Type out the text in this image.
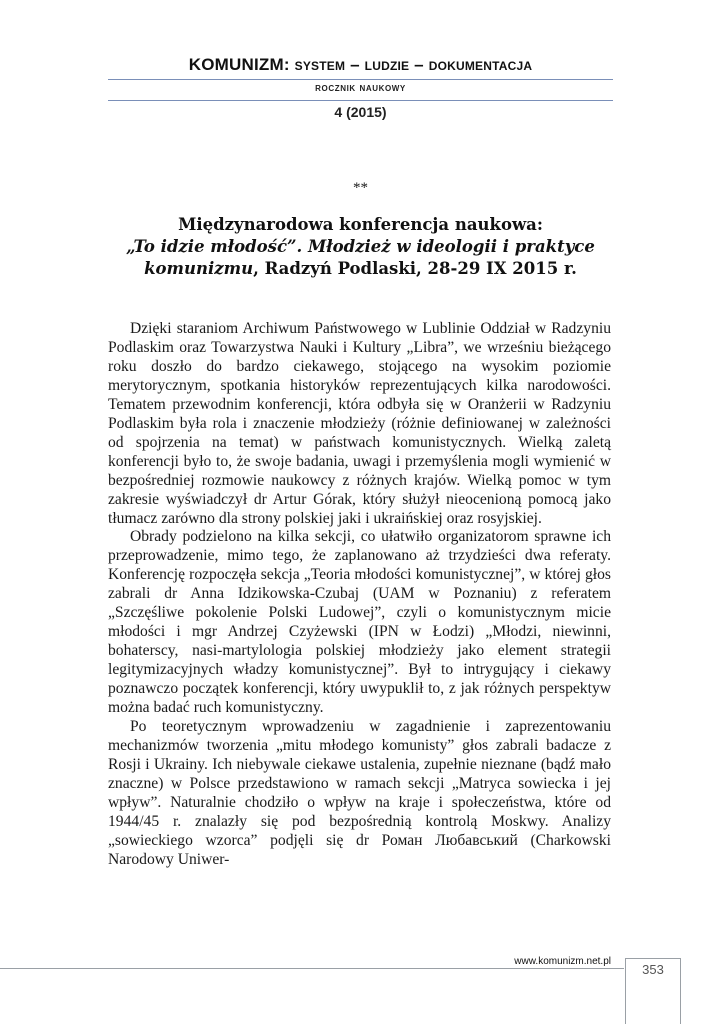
KOMUNIZM: system – ludzie – dokumentacja
rocznik naukowy
4 (2015)
**
Międzynarodowa konferencja naukowa:
„To idzie młodość”. Młodzież w ideologii i praktyce
komunizmu, Radzyń Podlaski, 28-29 IX 2015 r.

Dzięki staraniom Archiwum Państwowego w Lublinie Oddział w Radzyniu Podlaskim oraz Towarzystwa Nauki i Kultury „Libra”, we wrześniu bieżącego roku doszło do bardzo ciekawego, stojącego na wysokim poziomie merytorycznym, spotkania historyków reprezentujących kilka narodowości. Tematem przewodnim konferencji, która odbyła się w Oranżerii w Radzyniu Podlaskim była rola i znaczenie młodzieży (różnie definiowanej w zależności od spojrzenia na temat) w państwach komunistycznych. Wielką zaletą konferencji było to, że swoje badania, uwagi i przemyślenia mogli wymienić w bezpośredniej rozmowie naukowcy z różnych krajów. Wielką pomoc w tym zakresie wyświadczył dr Artur Górak, który służył nieocenioną pomocą jako tłumacz zarówno dla strony polskiej jaki i ukraińskiej oraz rosyjskiej.

Obrady podzielono na kilka sekcji, co ułatwiło organizatorom sprawne ich przeprowadzenie, mimo tego, że zaplanowano aż trzydzieści dwa referaty. Konferencję rozpoczęła sekcja „Teoria młodości komunistycznej”, w której głos zabrali dr Anna Idzikowska-Czubaj (UAM w Poznaniu) z referatem „Szczęśliwe pokolenie Polski Ludowej”, czyli o komunistycznym micie młodości i mgr Andrzej Czyżewski (IPN w Łodzi) „Młodzi, niewinni, bohaterscy, nasi-martylologia polskiej młodzieży jako element strategii legitymizacyjnych władzy komunistycznej”. Był to intrygujący i ciekawy poznawczo początek konferencji, który uwypuklił to, z jak różnych perspektyw można badać ruch komunistyczny.

Po teoretycznym wprowadzeniu w zagadnienie i zaprezentowaniu mechanizmów tworzenia „mitu młodego komunisty” głos zabrali badacze z Rosji i Ukrainy. Ich niebywale ciekawe ustalenia, zupełnie nieznane (bądź mało znaczne) w Polsce przedstawiono w ramach sekcji „Matryca sowiecka i jej wpływ”. Naturalnie chodziło o wpływ na kraje i społeczeństwa, które od 1944/45 r. znalazły się pod bezpośrednią kontrolą Moskwy. Analizy „sowieckiego wzorca” podjęli się dr Роман Любавський (Charkowski Narodowy Uniwer-

www.komunizm.net.pl
353
